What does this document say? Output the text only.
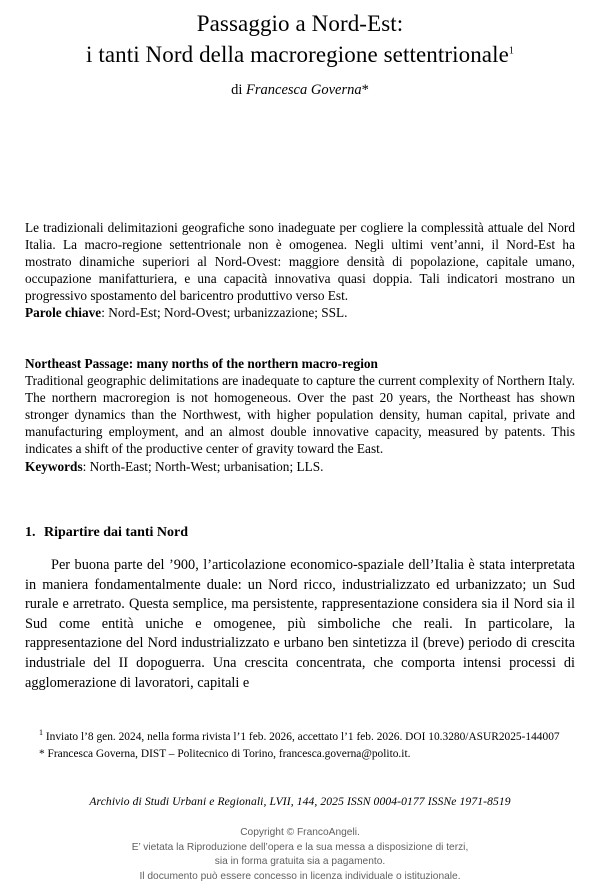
Passaggio a Nord-Est:
i tanti Nord della macroregione settentrionale$^1$
di Francesca Governa*
Le tradizionali delimitazioni geografiche sono inadeguate per cogliere la complessità attuale del Nord Italia. La macro-regione settentrionale non è omogenea. Negli ultimi vent’anni, il Nord-Est ha mostrato dinamiche superiori al Nord-Ovest: maggiore densità di popolazione, capitale umano, occupazione manifatturiera, e una capacità innovativa quasi doppia. Tali indicatori mostrano un progressivo spostamento del baricentro produttivo verso Est.
Parole chiave: Nord-Est; Nord-Ovest; urbanizzazione; SSL.
Northeast Passage: many norths of the northern macro-region
Traditional geographic delimitations are inadequate to capture the current complexity of Northern Italy. The northern macroregion is not homogeneous. Over the past 20 years, the Northeast has shown stronger dynamics than the Northwest, with higher population density, human capital, private and manufacturing employment, and an almost double innovative capacity, measured by patents. This indicates a shift of the productive center of gravity toward the East.
Keywords: North-East; North-West; urbanisation; LLS.
1. Ripartire dai tanti Nord
Per buona parte del ’900, l’articolazione economico-spaziale dell’Italia è stata interpretata in maniera fondamentalmente duale: un Nord ricco, industrializzato ed urbanizzato; un Sud rurale e arretrato. Questa semplice, ma persistente, rappresentazione considera sia il Nord sia il Sud come entità uniche e omogenee, più simboliche che reali. In particolare, la rappresentazione del Nord industrializzato e urbano ben sintetizza il (breve) periodo di crescita industriale del II dopoguerra. Una crescita concentrata, che comporta intensi processi di agglomerazione di lavoratori, capitali e
$^1$ Inviato l’8 gen. 2024, nella forma rivista l’1 feb. 2026, accettato l’1 feb. 2026. DOI 10.3280/ASUR2025-144007
* Francesca Governa, DIST – Politecnico di Torino, francesca.governa@polito.it.
Archivio di Studi Urbani e Regionali, LVII, 144, 2025 ISSN 0004-0177 ISSNe 1971-8519
Copyright © FrancoAngeli.
E’ vietata la Riproduzione dell’opera e la sua messa a disposizione di terzi,
sia in forma gratuita sia a pagamento.
Il documento può essere concesso in licenza individuale o istituzionale.
